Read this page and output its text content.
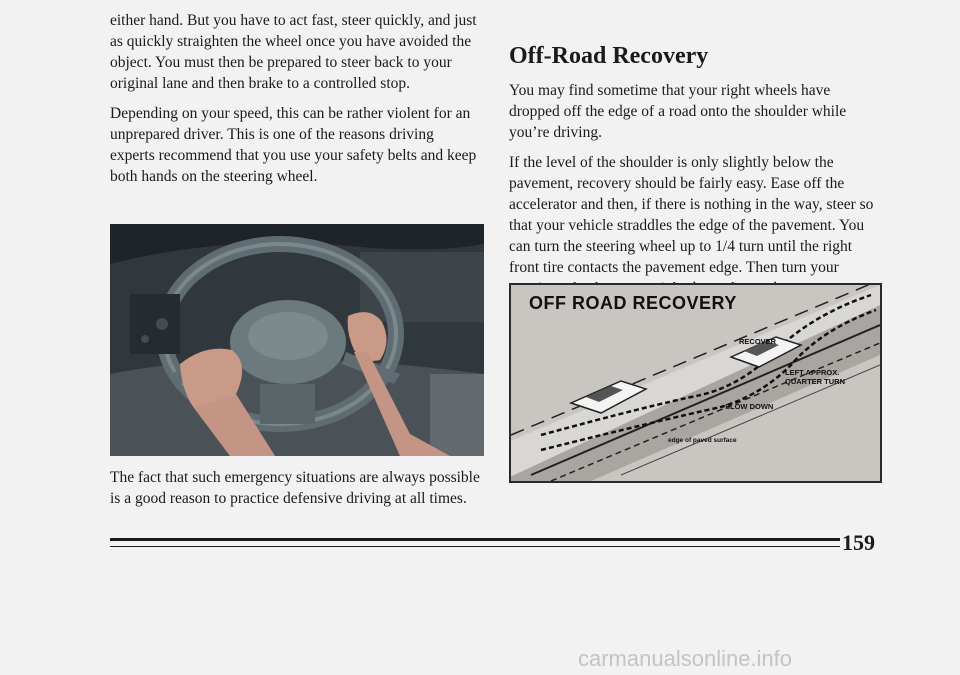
either hand. But you have to act fast, steer quickly, and just as quickly straighten the wheel once you have avoided the object. You must then be prepared to steer back to your original lane and then brake to a controlled stop.

Depending on your speed, this can be rather violent for an unprepared driver. This is one of the reasons driving experts recommend that you use your safety belts and keep both hands on the steering wheel.

The fact that such emergency situations are always possible is a good reason to practice defensive driving at all times.

Off-Road Recovery

You may find sometime that your right wheels have dropped off the edge of a road onto the shoulder while you’re driving.

If the level of the shoulder is only slightly below the pavement, recovery should be fairly easy. Ease off the accelerator and then, if there is nothing in the way, steer so that your vehicle straddles the edge of the pavement. You can turn the steering wheel up to 1/4 turn until the right front tire contacts the pavement edge. Then turn your

OFF ROAD RECOVERY
RECOVER
LEFT APPROX.
QUARTER TURN
SLOW DOWN
edge of paved surface
159
carmanualsonline.info
